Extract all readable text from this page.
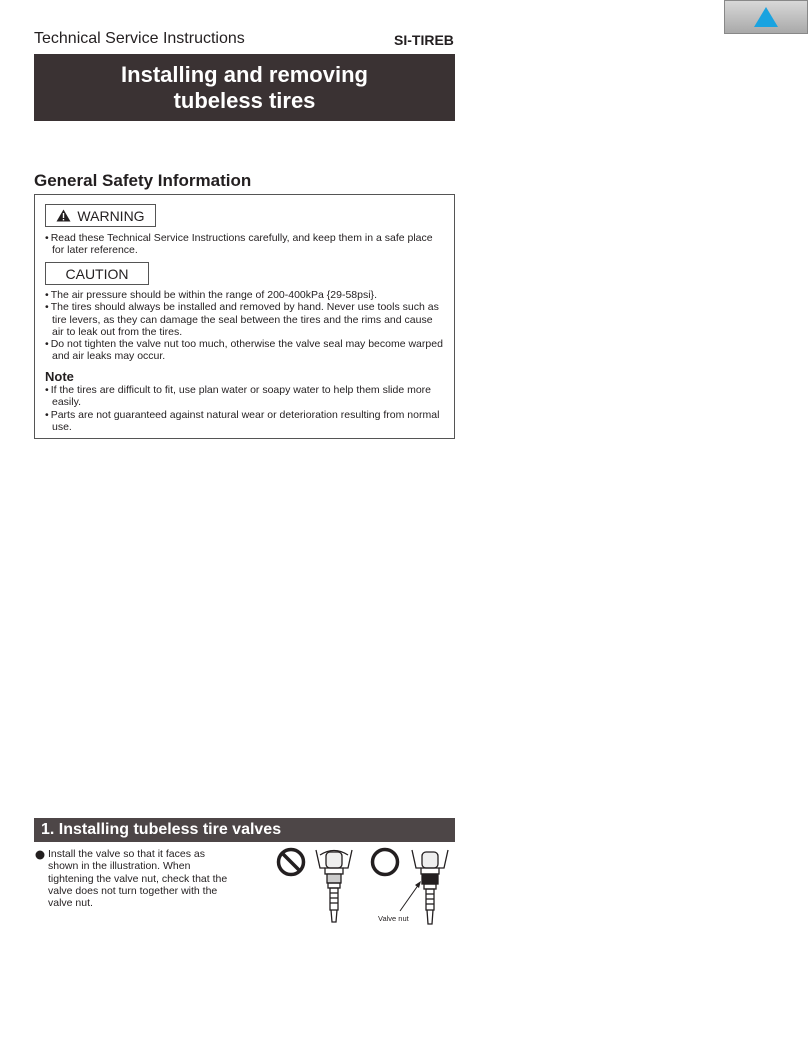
Technical Service Instructions	SI-TIREB
Installing and removing
tubeless tires
General Safety Information
WARNING
• Read these Technical Service Instructions carefully, and keep them in a safe place for later reference.
CAUTION
• The air pressure should be within the range of 200-400kPa {29-58psi}.
• The tires should always be installed and removed by hand. Never use tools such as tire levers, as they can damage the seal between the tires and the rims and cause air to leak out from the tires.
• Do not tighten the valve nut too much, otherwise the valve seal may become warped and air leaks may occur.
Note
• If the tires are difficult to fit, use plan water or soapy water to help them slide more easily.
• Parts are not guaranteed against natural wear or deterioration resulting from normal use.
1. Installing tubeless tire valves
Install the valve so that it faces as shown in the illustration. When tightening the valve nut, check that the valve does not turn together with the valve nut.
Valve nut
